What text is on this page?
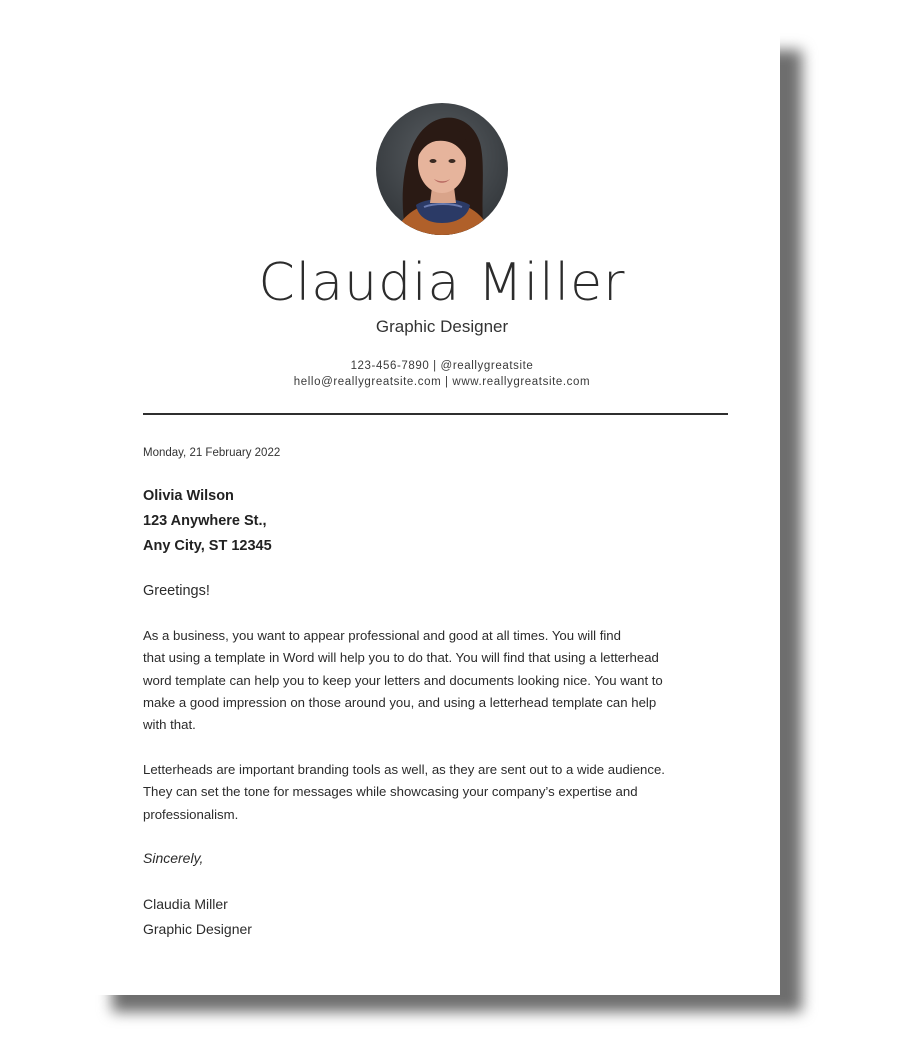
Claudia Miller
Graphic Designer
123-456-7890 | @reallygreatsite
hello@reallygreatsite.com | www.reallygreatsite.com
Monday, 21 February 2022
Olivia Wilson
123 Anywhere St.,
Any City, ST 12345
Greetings!
As a business, you want to appear professional and good at all times. You will find
that using a template in Word will help you to do that. You will find that using a letterhead
word template can help you to keep your letters and documents looking nice. You want to
make a good impression on those around you, and using a letterhead template can help
with that.
Letterheads are important branding tools as well, as they are sent out to a wide audience.
They can set the tone for messages while showcasing your company’s expertise and
professionalism.
Sincerely,
Claudia Miller
Graphic Designer
